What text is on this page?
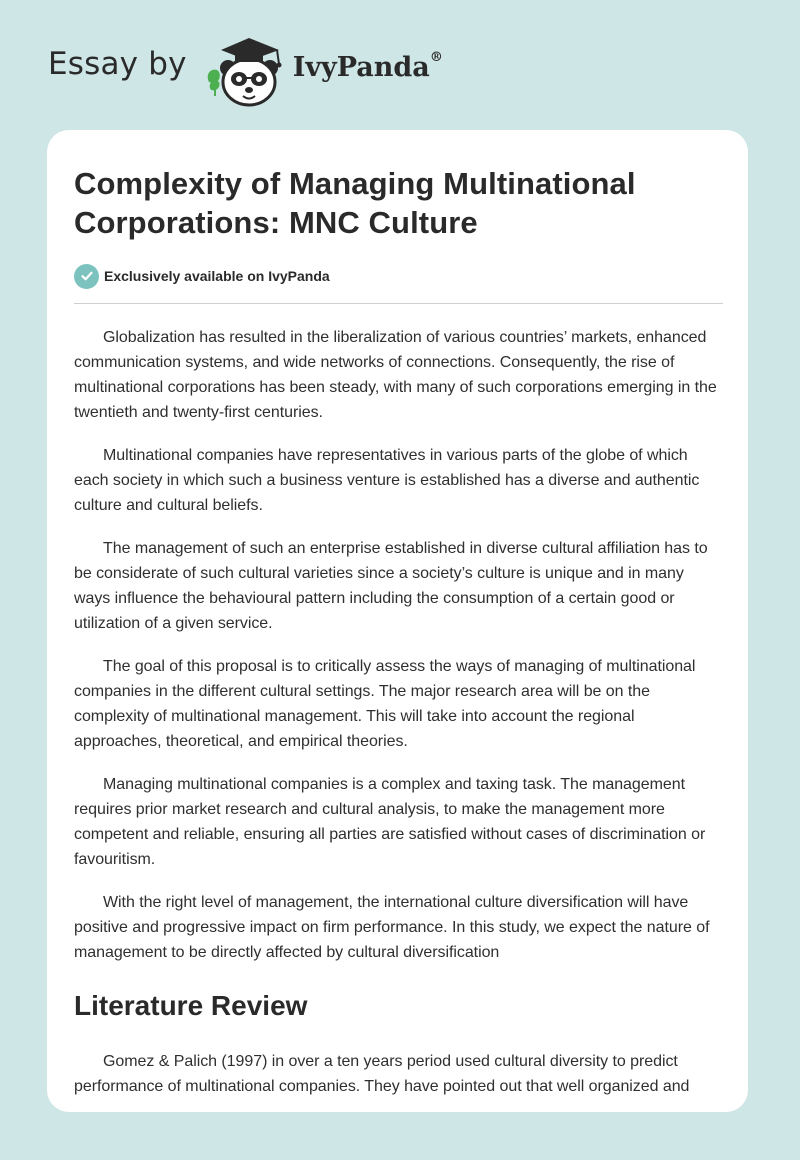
Essay by	IvyPanda®
Complexity of Managing Multinational Corporations: MNC Culture
Exclusively available on IvyPanda

Globalization has resulted in the liberalization of various countries’ markets, enhanced communication systems, and wide networks of connections. Consequently, the rise of multinational corporations has been steady, with many of such corporations emerging in the twentieth and twenty-first centuries.

Multinational companies have representatives in various parts of the globe of which each society in which such a business venture is established has a diverse and authentic culture and cultural beliefs.

The management of such an enterprise established in diverse cultural affiliation has to be considerate of such cultural varieties since a society’s culture is unique and in many ways influence the behavioural pattern including the consumption of a certain good or utilization of a given service.

The goal of this proposal is to critically assess the ways of managing of multinational companies in the different cultural settings. The major research area will be on the complexity of multinational management. This will take into account the regional approaches, theoretical, and empirical theories.

Managing multinational companies is a complex and taxing task. The management requires prior market research and cultural analysis, to make the management more competent and reliable, ensuring all parties are satisfied without cases of discrimination or favouritism.

With the right level of management, the international culture diversification will have positive and progressive impact on firm performance. In this study, we expect the nature of management to be directly affected by cultural diversification

Literature Review

Gomez & Palich (1997) in over a ten years period used cultural diversity to predict performance of multinational companies. They have pointed out that well organized and
